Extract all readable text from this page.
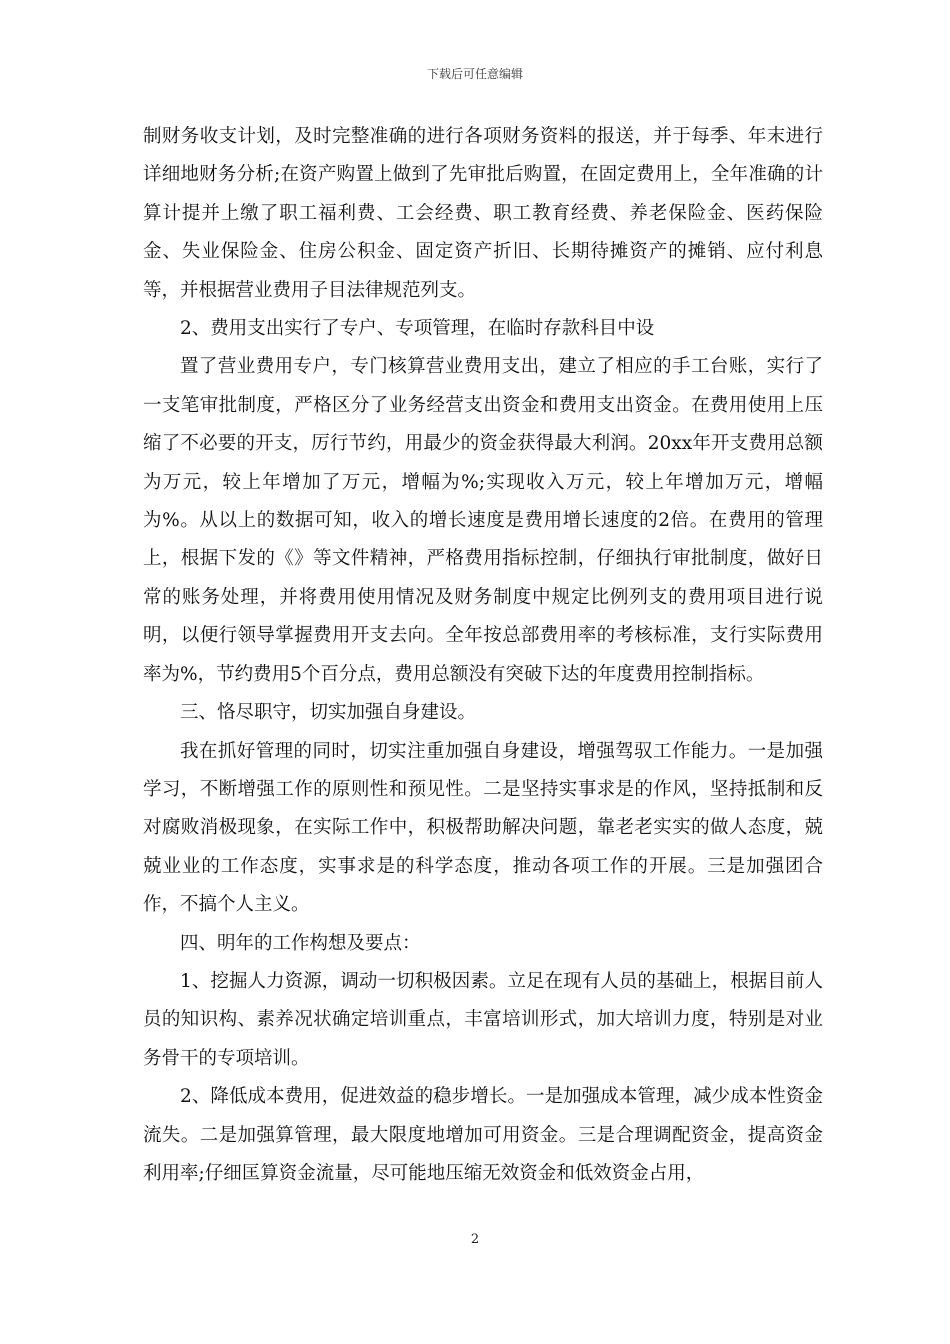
下载后可任意编辑

制财务收支计划，及时完整准确的进行各项财务资料的报送，并于每季、年末进行详细地财务分析;在资产购置上做到了先审批后购置，在固定费用上，全年准确的计算计提并上缴了职工福利费、工会经费、职工教育经费、养老保险金、医药保险金、失业保险金、住房公积金、固定资产折旧、长期待摊资产的摊销、应付利息等，并根据营业费用子目法律规范列支。

2、费用支出实行了专户、专项管理，在临时存款科目中设

置了营业费用专户，专门核算营业费用支出，建立了相应的手工台账，实行了一支笔审批制度，严格区分了业务经营支出资金和费用支出资金。在费用使用上压缩了不必要的开支，厉行节约，用最少的资金获得最大利润。20xx年开支费用总额为万元，较上年增加了万元，增幅为%;实现收入万元，较上年增加万元，增幅为%。从以上的数据可知，收入的增长速度是费用增长速度的2倍。在费用的管理上，根据下发的《》等文件精神，严格费用指标控制，仔细执行审批制度，做好日常的账务处理，并将费用使用情况及财务制度中规定比例列支的费用项目进行说明，以便行领导掌握费用开支去向。全年按总部费用率的考核标准，支行实际费用率为%，节约费用5个百分点，费用总额没有突破下达的年度费用控制指标。

三、恪尽职守，切实加强自身建设。

我在抓好管理的同时，切实注重加强自身建设，增强驾驭工作能力。一是加强学习，不断增强工作的原则性和预见性。二是坚持实事求是的作风，坚持抵制和反对腐败消极现象，在实际工作中，积极帮助解决问题，靠老老实实的做人态度，兢兢业业的工作态度，实事求是的科学态度，推动各项工作的开展。三是加强团合作，不搞个人主义。

四、明年的工作构想及要点：

1、挖掘人力资源，调动一切积极因素。立足在现有人员的基础上，根据目前人员的知识构、素养况状确定培训重点，丰富培训形式，加大培训力度，特别是对业务骨干的专项培训。

2、降低成本费用，促进效益的稳步增长。一是加强成本管理，减少成本性资金流失。二是加强算管理，最大限度地增加可用资金。三是合理调配资金，提高资金利用率;仔细匡算资金流量，尽可能地压缩无效资金和低效资金占用，

2
